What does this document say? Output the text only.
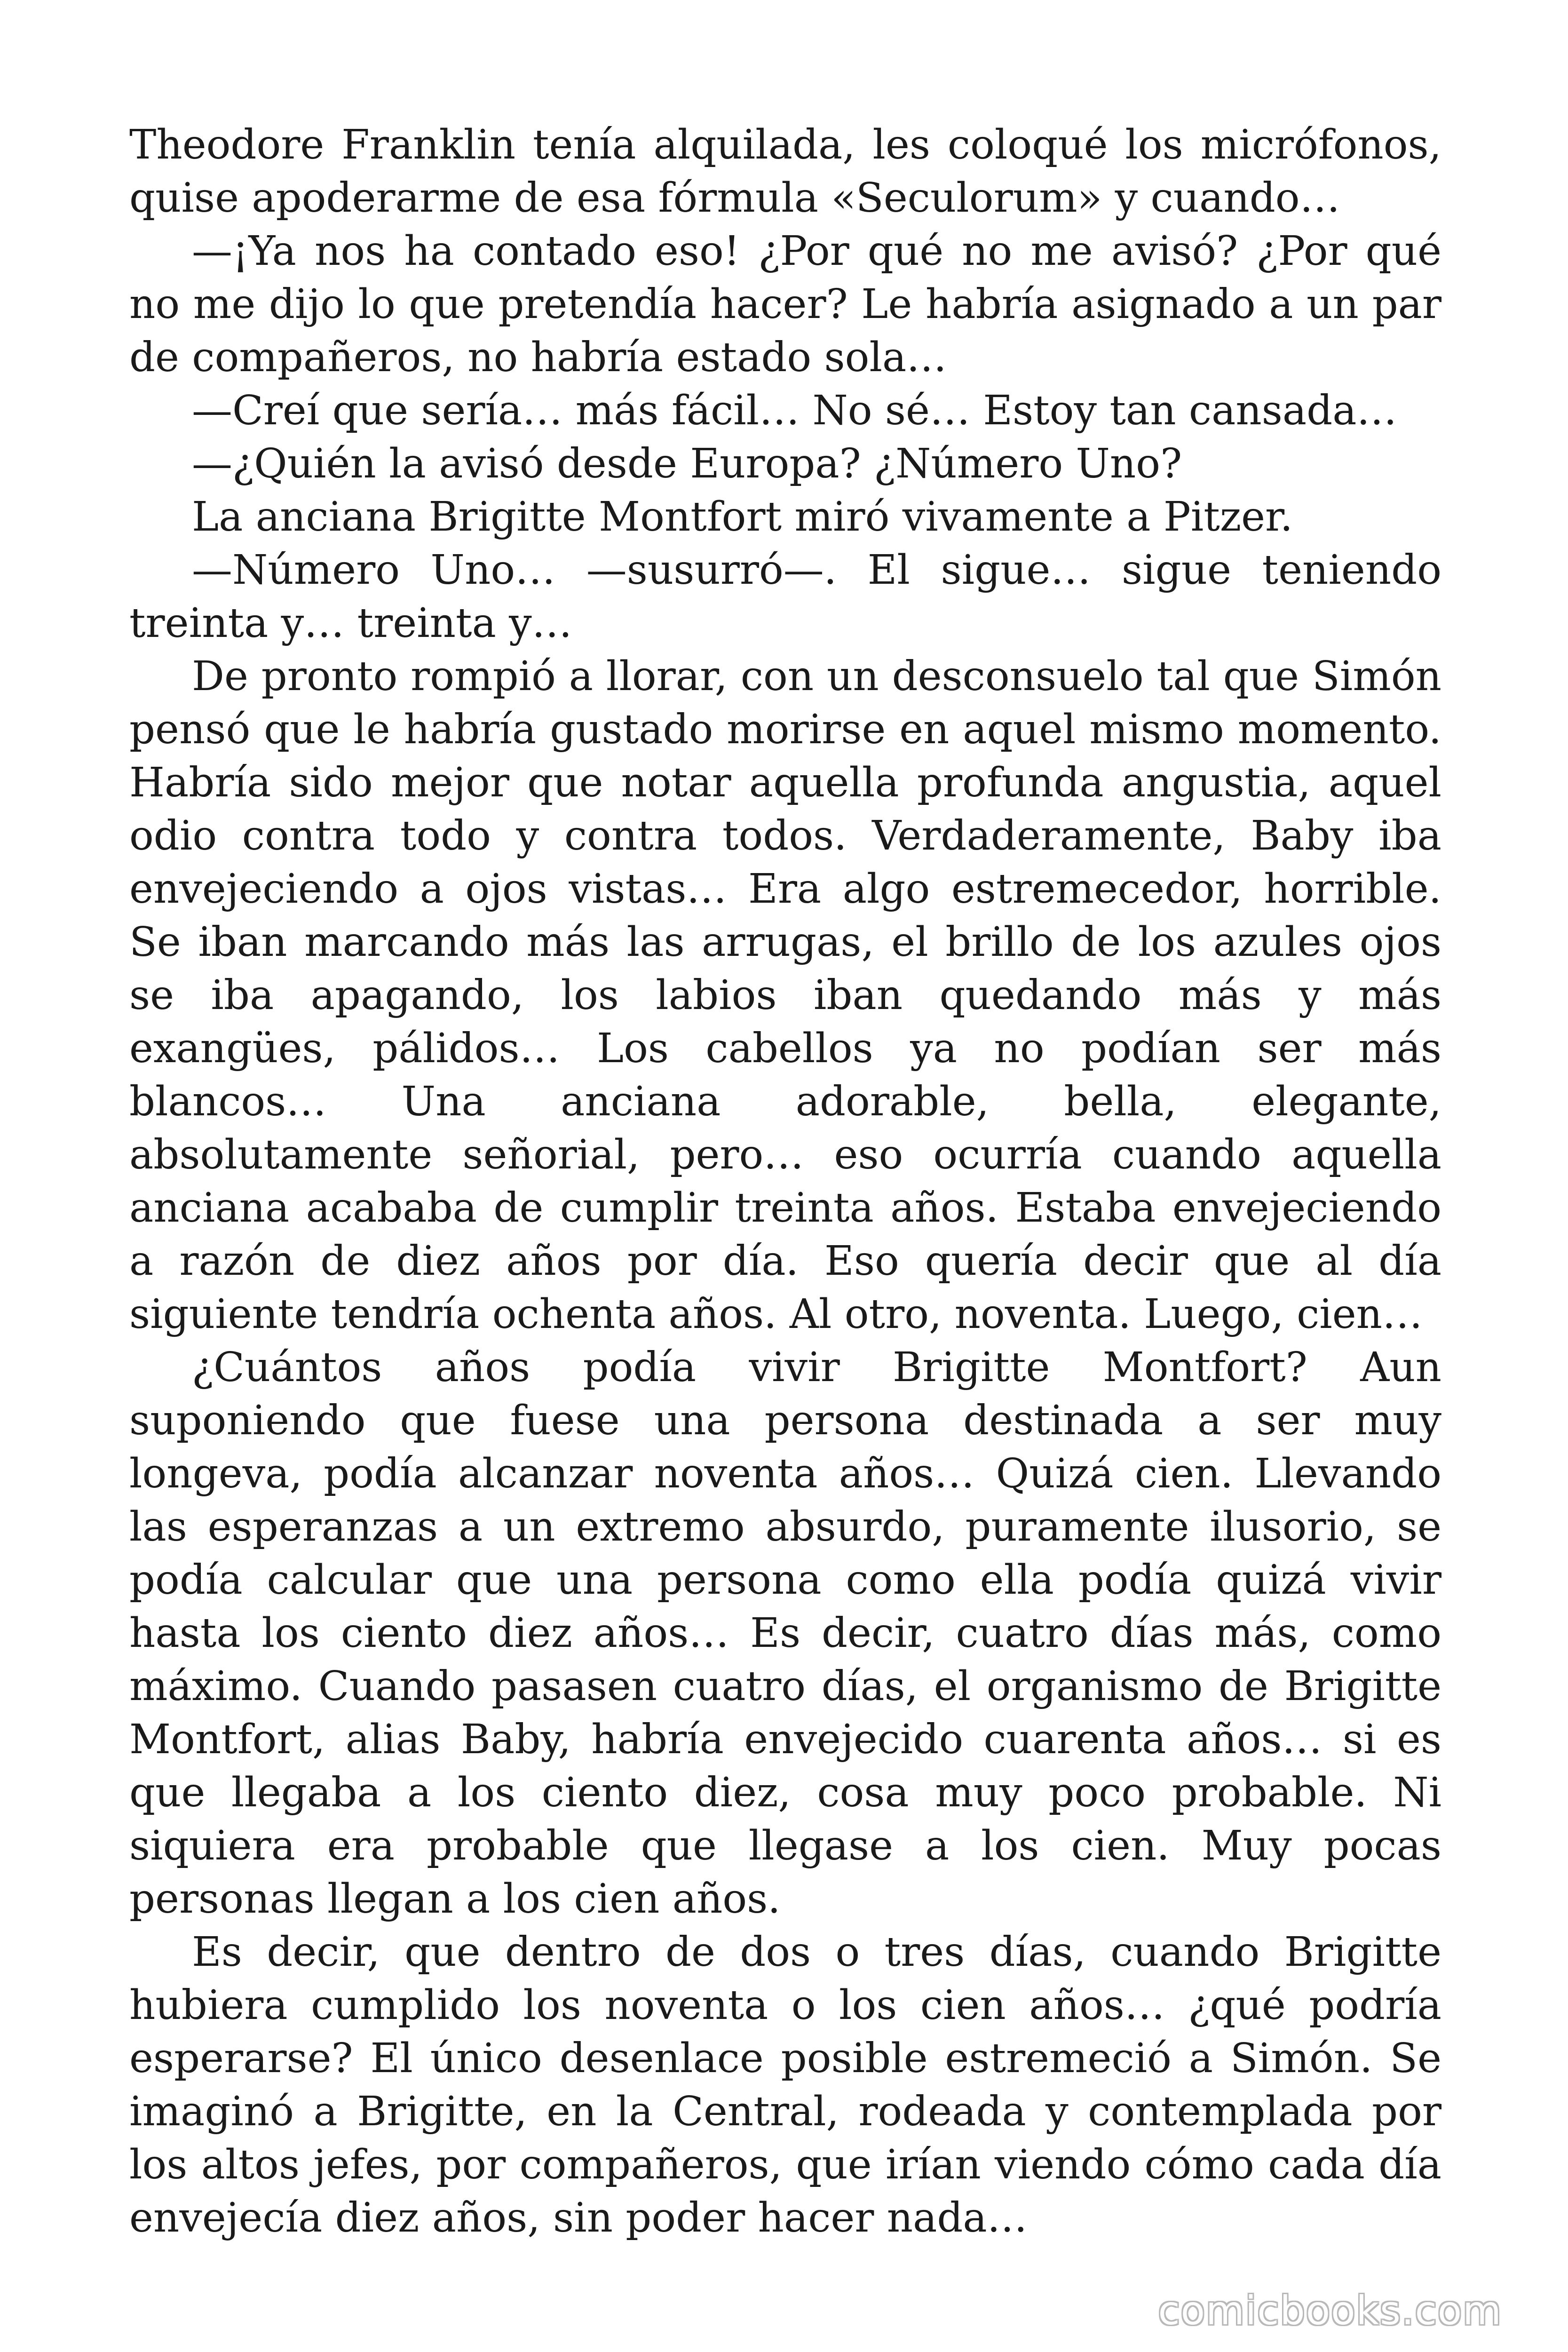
Theodore Franklin tenía alquilada, les coloqué los micrófonos, quise apoderarme de esa fórmula «Seculorum» y cuando…

—¡Ya nos ha contado eso! ¿Por qué no me avisó? ¿Por qué no me dijo lo que pretendía hacer? Le habría asignado a un par de compañeros, no habría estado sola…

—Creí que sería… más fácil… No sé… Estoy tan cansada…

—¿Quién la avisó desde Europa? ¿Número Uno?

La anciana Brigitte Montfort miró vivamente a Pitzer.

—Número Uno… —susurró—. El sigue… sigue teniendo treinta y… treinta y…

De pronto rompió a llorar, con un desconsuelo tal que Simón pensó que le habría gustado morirse en aquel mismo momento. Habría sido mejor que notar aquella profunda angustia, aquel odio contra todo y contra todos. Verdaderamente, Baby iba envejeciendo a ojos vistas… Era algo estremecedor, horrible. Se iban marcando más las arrugas, el brillo de los azules ojos se iba apagando, los labios iban quedando más y más exangües, pálidos… Los cabellos ya no podían ser más blancos… Una anciana adorable, bella, elegante, absolutamente señorial, pero… eso ocurría cuando aquella anciana acababa de cumplir treinta años. Estaba envejeciendo a razón de diez años por día. Eso quería decir que al día siguiente tendría ochenta años. Al otro, noventa. Luego, cien…

¿Cuántos años podía vivir Brigitte Montfort? Aun suponiendo que fuese una persona destinada a ser muy longeva, podía alcanzar noventa años… Quizá cien. Llevando las esperanzas a un extremo absurdo, puramente ilusorio, se podía calcular que una persona como ella podía quizá vivir hasta los ciento diez años… Es decir, cuatro días más, como máximo. Cuando pasasen cuatro días, el organismo de Brigitte Montfort, alias Baby, habría envejecido cuarenta años… si es que llegaba a los ciento diez, cosa muy poco probable. Ni siquiera era probable que llegase a los cien. Muy pocas personas llegan a los cien años.

Es decir, que dentro de dos o tres días, cuando Brigitte hubiera cumplido los noventa o los cien años… ¿qué podría esperarse? El único desenlace posible estremeció a Simón. Se imaginó a Brigitte, en la Central, rodeada y contemplada por los altos jefes, por compañeros, que irían viendo cómo cada día envejecía diez años, sin poder hacer nada…

comicbooks.com
